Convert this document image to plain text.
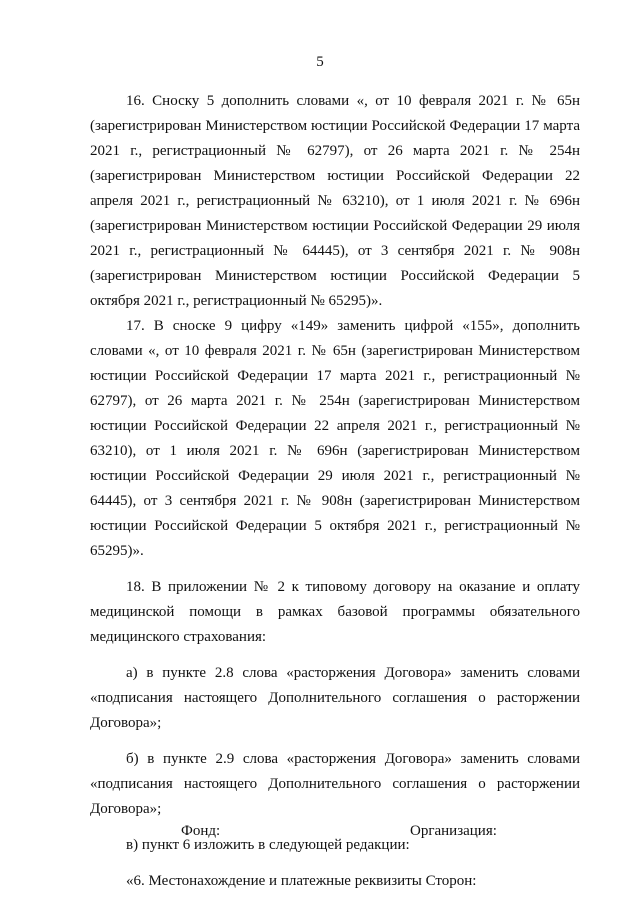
5

16. Сноску 5 дополнить словами «, от 10 февраля 2021 г. № 65н (зарегистрирован Министерством юстиции Российской Федерации 17 марта 2021 г., регистрационный № 62797), от 26 марта 2021 г. № 254н (зарегистрирован Министерством юстиции Российской Федерации 22 апреля 2021 г., регистрационный № 63210), от 1 июля 2021 г. № 696н (зарегистрирован Министерством юстиции Российской Федерации 29 июля 2021 г., регистрационный № 64445), от 3 сентября 2021 г. № 908н (зарегистрирован Министерством юстиции Российской Федерации 5 октября 2021 г., регистрационный № 65295)».

17. В сноске 9 цифру «149» заменить цифрой «155», дополнить словами «, от 10 февраля 2021 г. № 65н (зарегистрирован Министерством юстиции Российской Федерации 17 марта 2021 г., регистрационный № 62797), от 26 марта 2021 г. № 254н (зарегистрирован Министерством юстиции Российской Федерации 22 апреля 2021 г., регистрационный № 63210), от 1 июля 2021 г. № 696н (зарегистрирован Министерством юстиции Российской Федерации 29 июля 2021 г., регистрационный № 64445), от 3 сентября 2021 г. № 908н (зарегистрирован Министерством юстиции Российской Федерации 5 октября 2021 г., регистрационный № 65295)».

18. В приложении № 2 к типовому договору на оказание и оплату медицинской помощи в рамках базовой программы обязательного медицинского страхования:

а) в пункте 2.8 слова «расторжения Договора» заменить словами «подписания настоящего Дополнительного соглашения о расторжении Договора»;

б) в пункте 2.9 слова «расторжения Договора» заменить словами «подписания настоящего Дополнительного соглашения о расторжении Договора»;

в) пункт 6 изложить в следующей редакции:

«6. Местонахождение и платежные реквизиты Сторон:

Фонд:	Организация:
